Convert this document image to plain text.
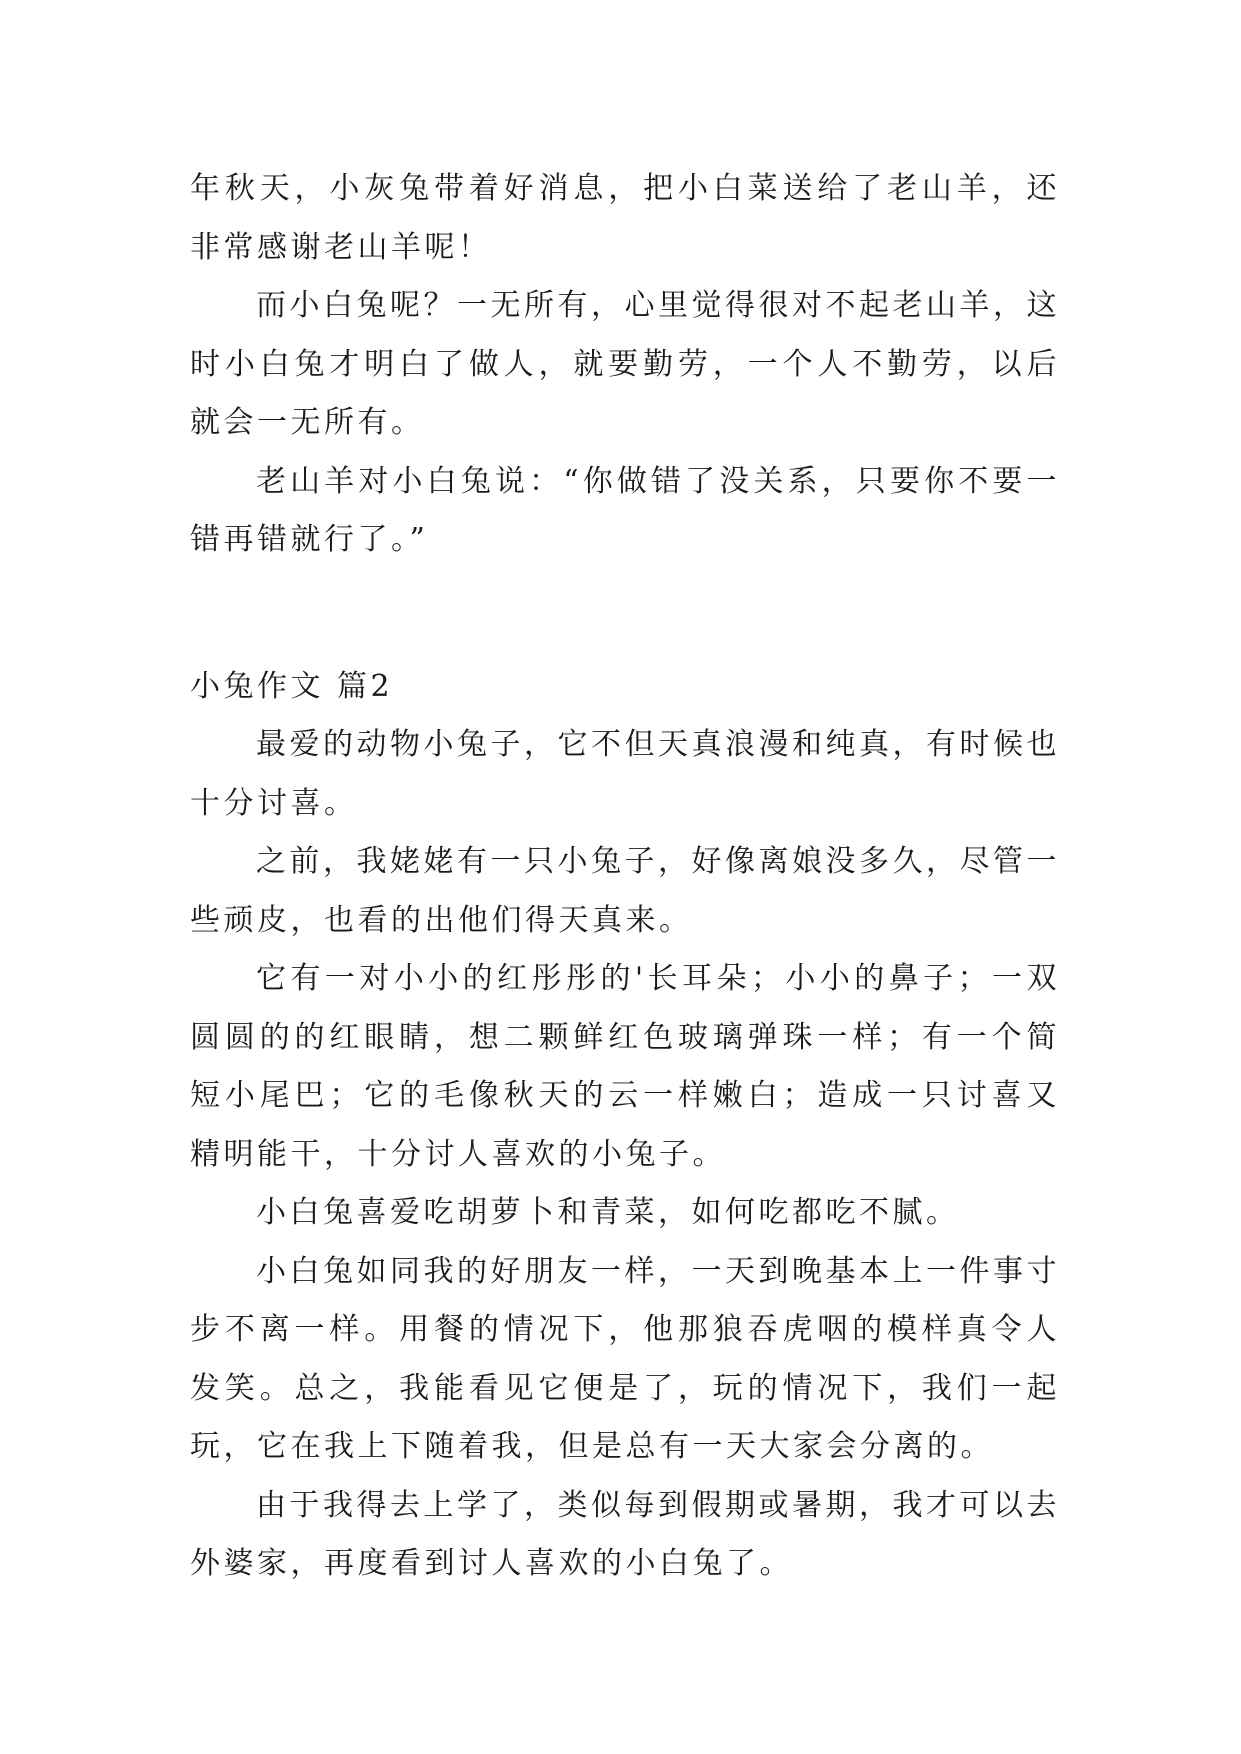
年秋天，小灰兔带着好消息，把小白菜送给了老山羊，还非常感谢老山羊呢！

而小白兔呢？一无所有，心里觉得很对不起老山羊，这时小白兔才明白了做人，就要勤劳，一个人不勤劳，以后就会一无所有。

老山羊对小白兔说：“你做错了没关系，只要你不要一错再错就行了。”

小兔作文 篇2

最爱的动物小兔子，它不但天真浪漫和纯真，有时候也十分讨喜。

之前，我姥姥有一只小兔子，好像离娘没多久，尽管一些顽皮，也看的出他们得天真来。

它有一对小小的红彤彤的'长耳朵；小小的鼻子；一双圆圆的的红眼睛，想二颗鲜红色玻璃弹珠一样；有一个简短小尾巴；它的毛像秋天的云一样嫩白；造成一只讨喜又精明能干，十分讨人喜欢的小兔子。

小白兔喜爱吃胡萝卜和青菜，如何吃都吃不腻。

小白兔如同我的好朋友一样，一天到晚基本上一件事寸步不离一样。用餐的情况下，他那狼吞虎咽的模样真令人发笑。总之，我能看见它便是了，玩的情况下，我们一起玩，它在我上下随着我，但是总有一天大家会分离的。

由于我得去上学了，类似每到假期或暑期，我才可以去外婆家，再度看到讨人喜欢的小白兔了。
